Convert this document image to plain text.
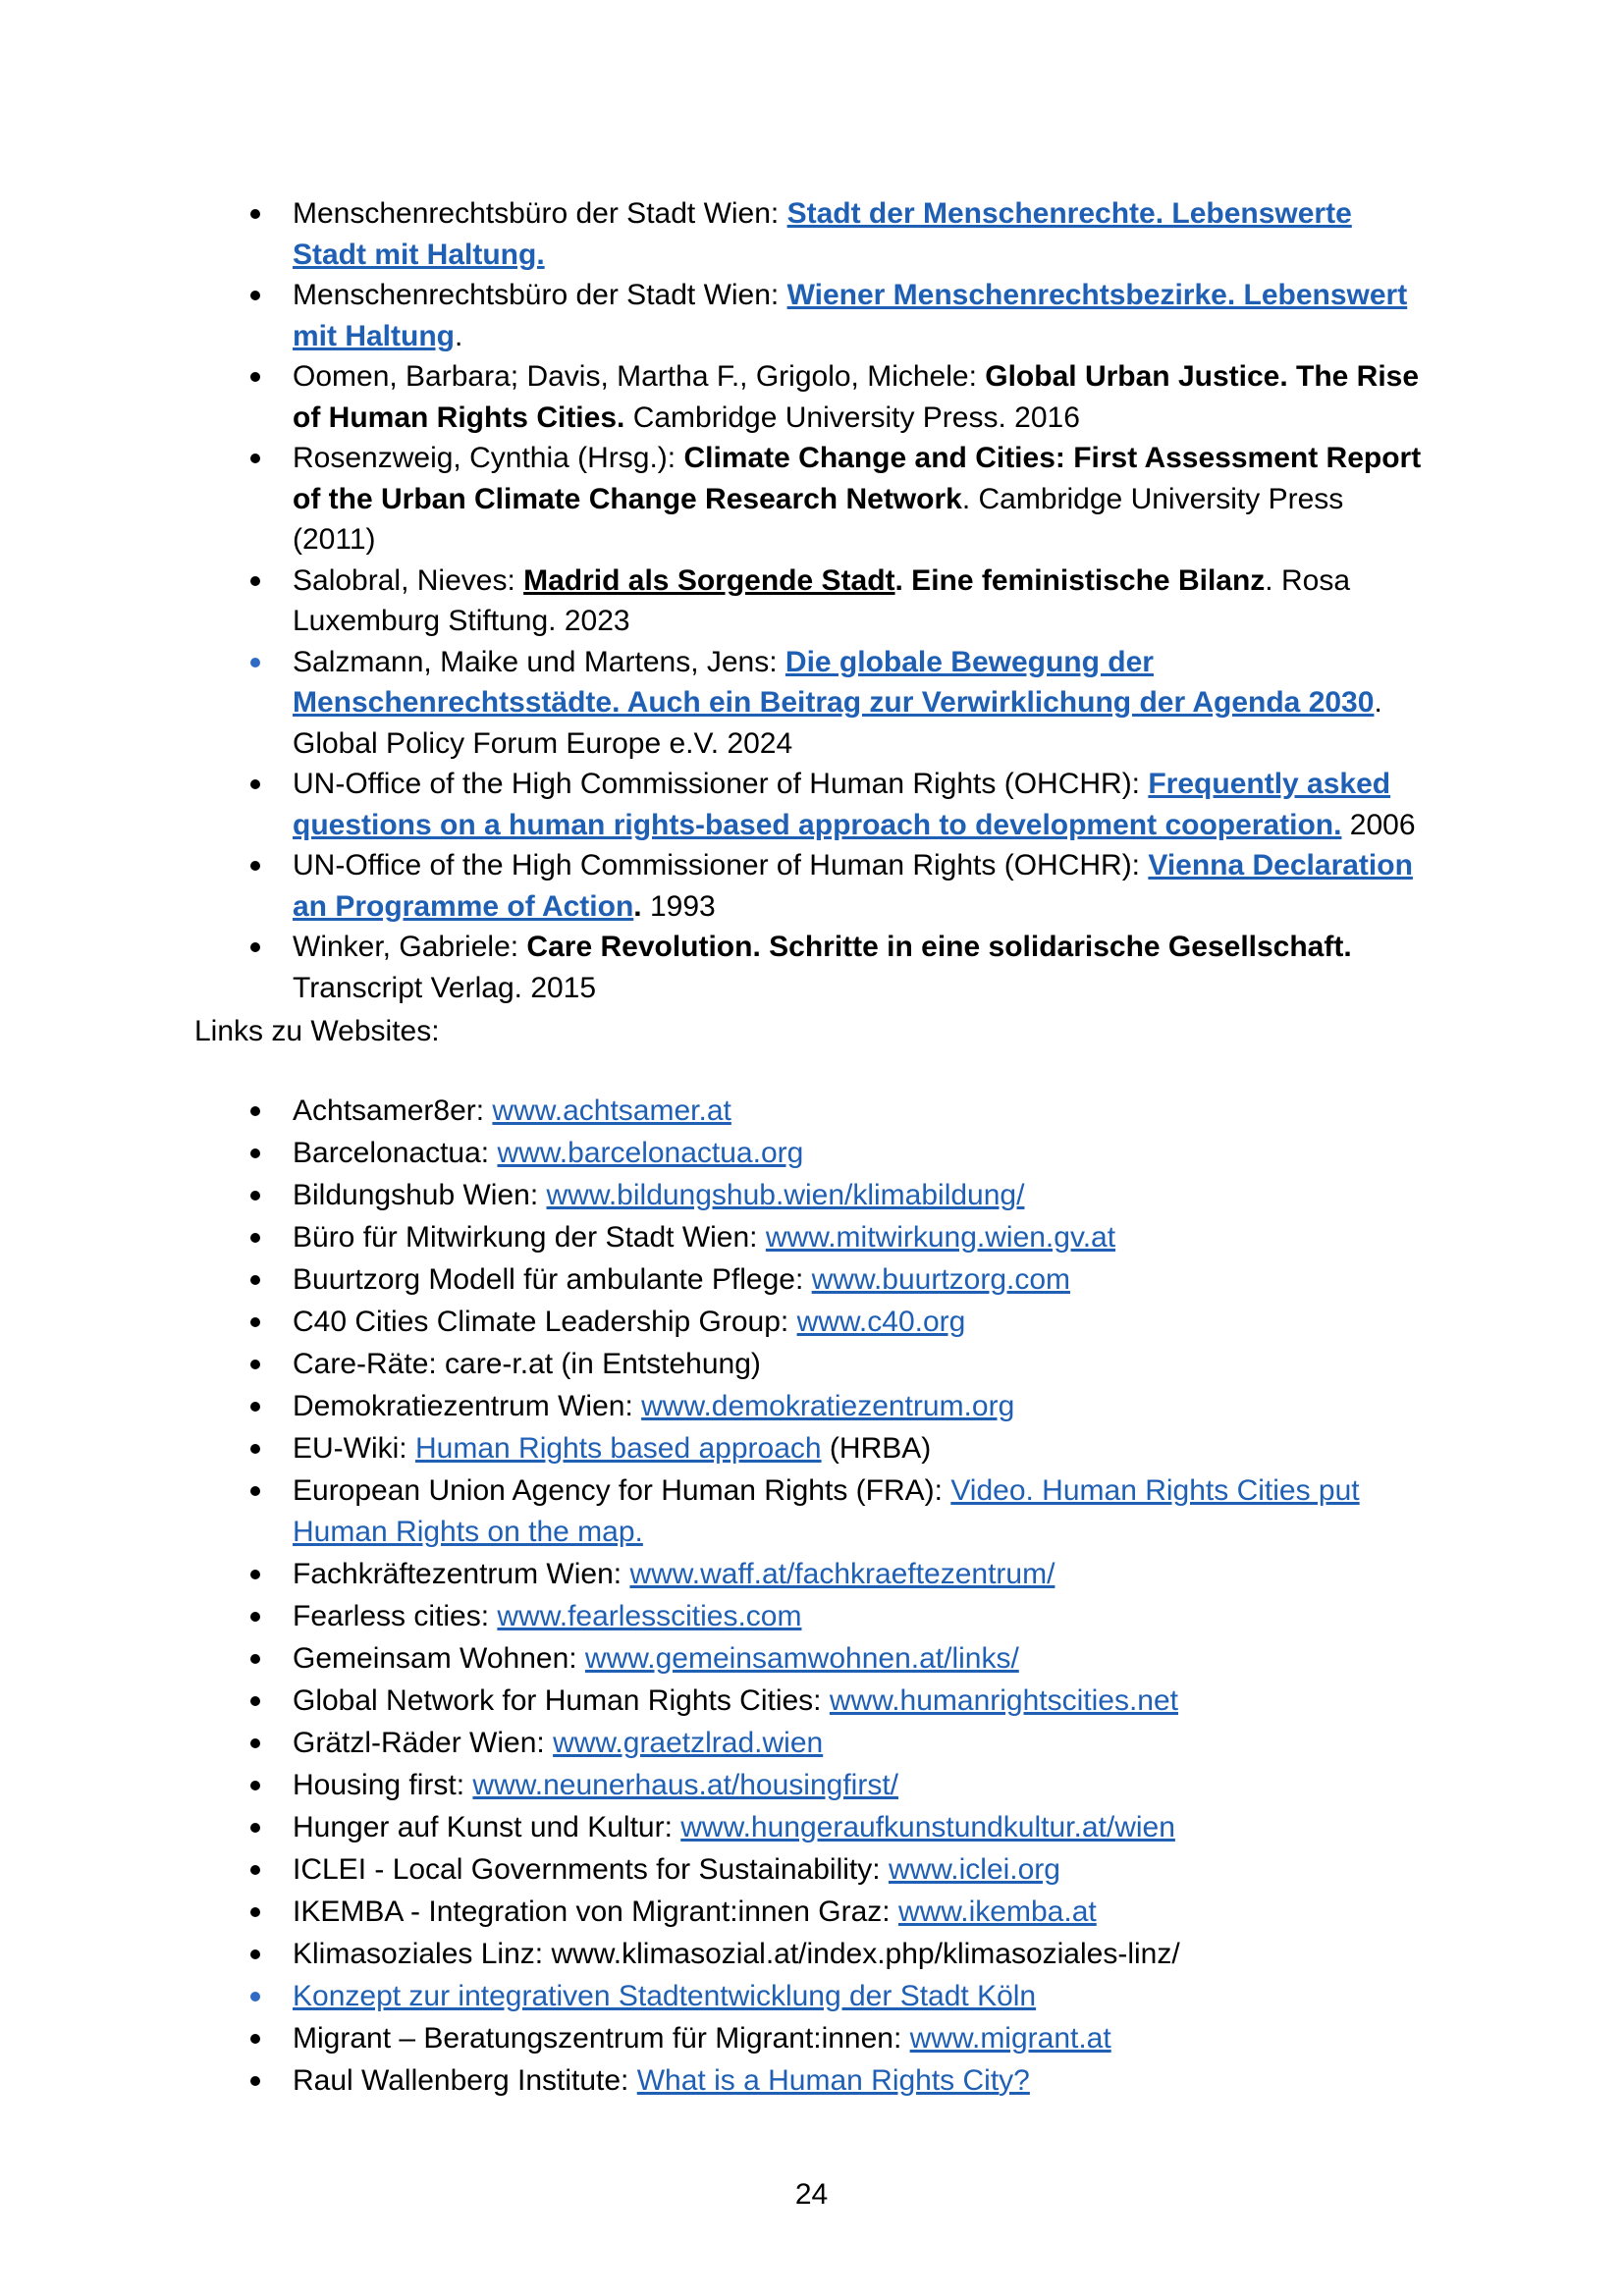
Menschenrechtsbüro der Stadt Wien: Stadt der Menschenrechte. Lebenswerte Stadt mit Haltung.
Menschenrechtsbüro der Stadt Wien: Wiener Menschenrechtsbezirke. Lebenswert mit Haltung.
Oomen, Barbara; Davis, Martha F., Grigolo, Michele: Global Urban Justice. The Rise of Human Rights Cities. Cambridge University Press. 2016
Rosenzweig, Cynthia (Hrsg.): Climate Change and Cities: First Assessment Report of the Urban Climate Change Research Network. Cambridge University Press (2011)
Salobral, Nieves: Madrid als Sorgende Stadt. Eine feministische Bilanz. Rosa Luxemburg Stiftung. 2023
Salzmann, Maike und Martens, Jens: Die globale Bewegung der Menschenrechtsstädte. Auch ein Beitrag zur Verwirklichung der Agenda 2030. Global Policy Forum Europe e.V. 2024
UN-Office of the High Commissioner of Human Rights (OHCHR): Frequently asked questions on a human rights-based approach to development cooperation. 2006
UN-Office of the High Commissioner of Human Rights (OHCHR): Vienna Declaration an Programme of Action. 1993
Winker, Gabriele: Care Revolution. Schritte in eine solidarische Gesellschaft. Transcript Verlag. 2015
Links zu Websites:
Achtsamer8er: www.achtsamer.at
Barcelonactua: www.barcelonactua.org
Bildungshub Wien: www.bildungshub.wien/klimabildung/
Büro für Mitwirkung der Stadt Wien: www.mitwirkung.wien.gv.at
Buurtzorg Modell für ambulante Pflege: www.buurtzorg.com
C40 Cities Climate Leadership Group: www.c40.org
Care-Räte: care-r.at (in Entstehung)
Demokratiezentrum Wien: www.demokratiezentrum.org
EU-Wiki: Human Rights based approach (HRBA)
European Union Agency for Human Rights (FRA): Video. Human Rights Cities put Human Rights on the map.
Fachkräftezentrum Wien: www.waff.at/fachkraeftezentrum/
Fearless cities: www.fearlesscities.com
Gemeinsam Wohnen: www.gemeinsamwohnen.at/links/
Global Network for Human Rights Cities: www.humanrightscities.net
Grätzl-Räder Wien: www.graetzlrad.wien
Housing first: www.neunerhaus.at/housingfirst/
Hunger auf Kunst und Kultur: www.hungeraufkunstundkultur.at/wien
ICLEI - Local Governments for Sustainability: www.iclei.org
IKEMBA - Integration von Migrant:innen Graz: www.ikemba.at
Klimasoziales Linz: www.klimasozial.at/index.php/klimasoziales-linz/
Konzept zur integrativen Stadtentwicklung der Stadt Köln
Migrant – Beratungszentrum für Migrant:innen: www.migrant.at
Raul Wallenberg Institute: What is a Human Rights City?
24
